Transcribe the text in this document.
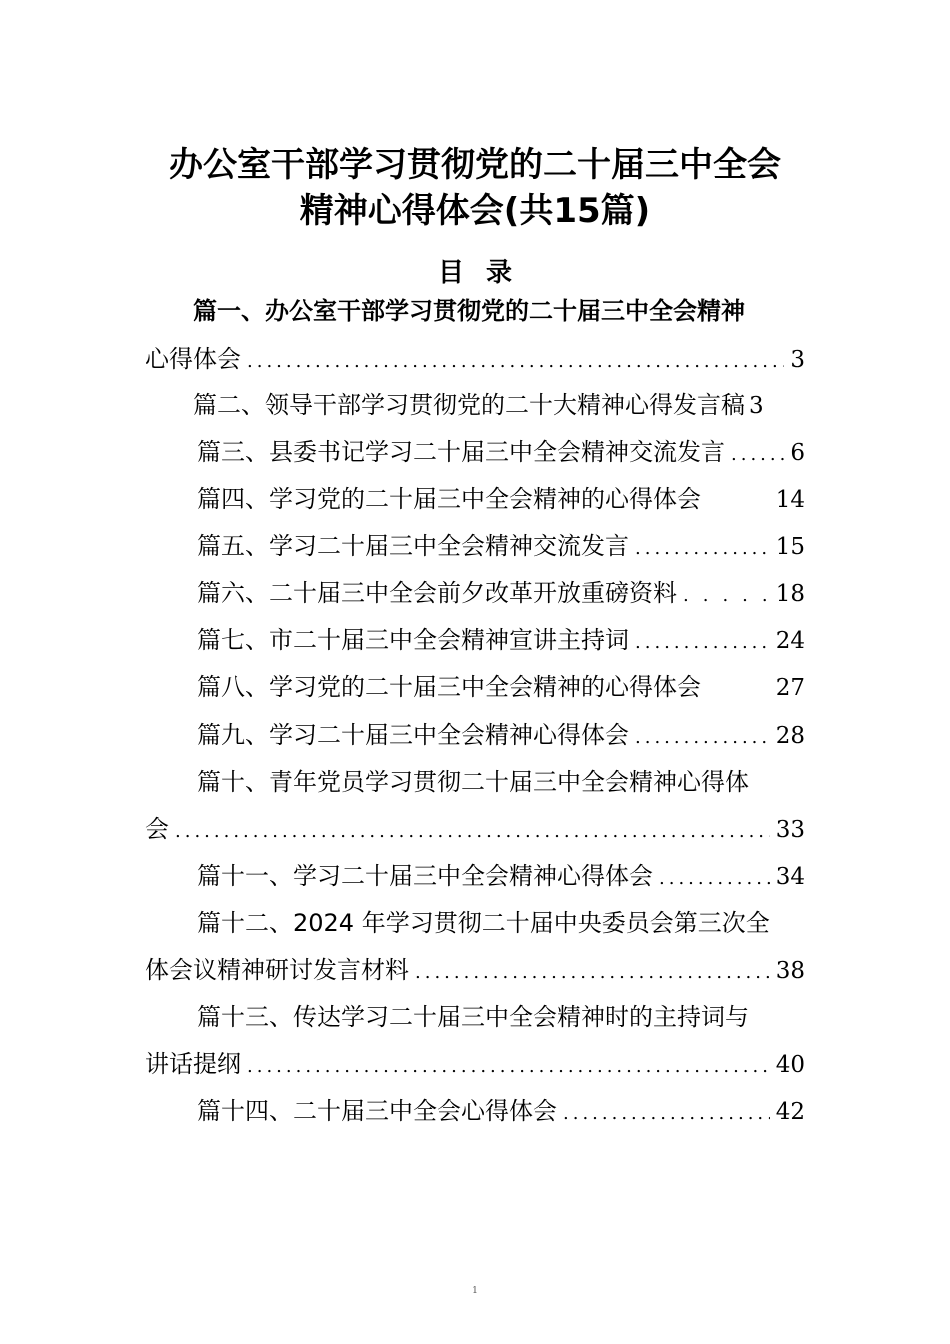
办公室干部学习贯彻党的二十届三中全会
精神心得体会(共15篇)
目录
篇一、办公室干部学习贯彻党的二十届三中全会精神
心得体会 .....	3
篇二、领导干部学习贯彻党的二十大精神心得发言稿 3
篇三、县委书记学习二十届三中全会精神交流发言 .....	6
篇四、学习党的二十届三中全会精神的心得体会	14
篇五、学习二十届三中全会精神交流发言 .....	15
篇六、二十届三中全会前夕改革开放重磅资料 .....	18
篇七、市二十届三中全会精神宣讲主持词 .....	24
篇八、学习党的二十届三中全会精神的心得体会	27
篇九、学习二十届三中全会精神心得体会 .....	28
篇十、青年党员学习贯彻二十届三中全会精神心得体
会 .....	33
篇十一、学习二十届三中全会精神心得体会 .....	34
篇十二、2024 年学习贯彻二十届中央委员会第三次全
体会议精神研讨发言材料 .....	38
篇十三、传达学习二十届三中全会精神时的主持词与
讲话提纲 .....	40
篇十四、二十届三中全会心得体会 .....	42
1
